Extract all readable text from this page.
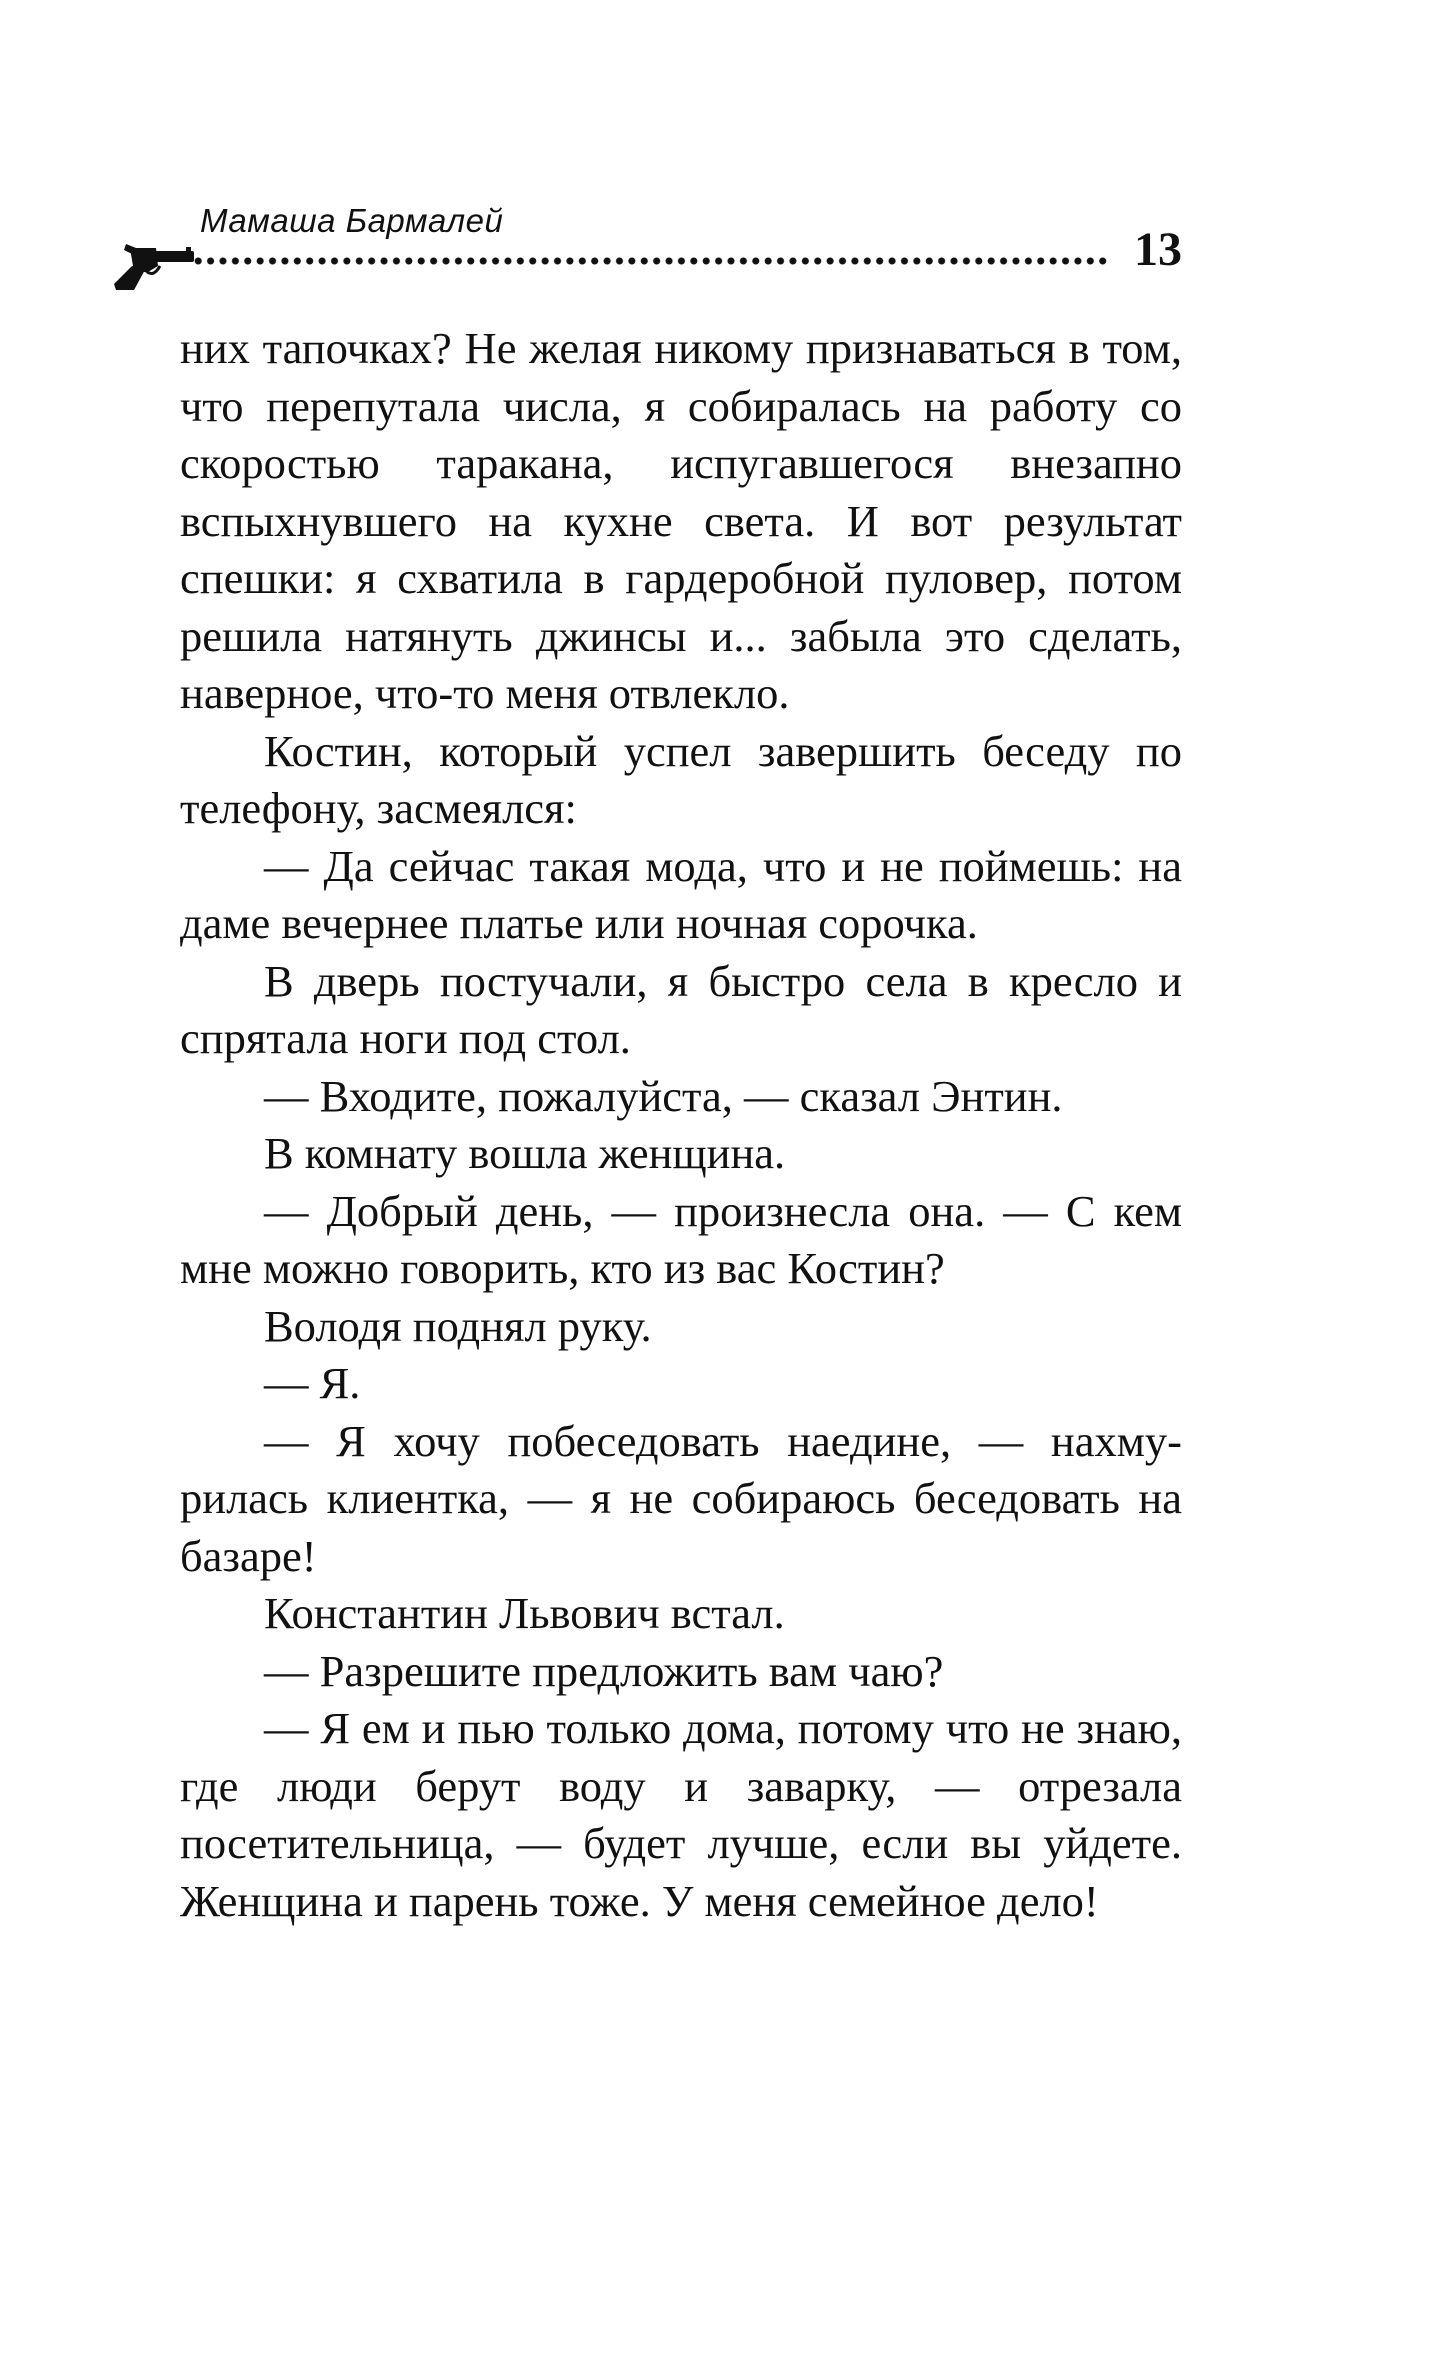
Мамаша Бармалей
13

них тапочках? Не желая никому признаваться в том, что перепутала числа, я собиралась на работу со скоростью таракана, испугавшегося внезапно вспыхнувшего на кухне света. И вот результат спешки: я схватила в гардеробной пуловер, потом решила натянуть джинсы и... забыла это сделать, наверное, что-то меня отвлекло.

Костин, который успел завершить беседу по телефону, засмеялся:

— Да сейчас такая мода, что и не поймешь: на даме вечернее платье или ночная сорочка.

В дверь постучали, я быстро села в кресло и спрятала ноги под стол.

— Входите, пожалуйста, — сказал Энтин.

В комнату вошла женщина.

— Добрый день, — произнесла она. — С кем мне можно говорить, кто из вас Костин?

Володя поднял руку.

— Я.

— Я хочу побеседовать наедине, — нахмурилась клиентка, — я не собираюсь беседовать на базаре!

Константин Львович встал.

— Разрешите предложить вам чаю?

— Я ем и пью только дома, потому что не знаю, где люди берут воду и заварку, — отрезала посетительница, — будет лучше, если вы уйдете. Женщина и парень тоже. У меня семейное дело!
